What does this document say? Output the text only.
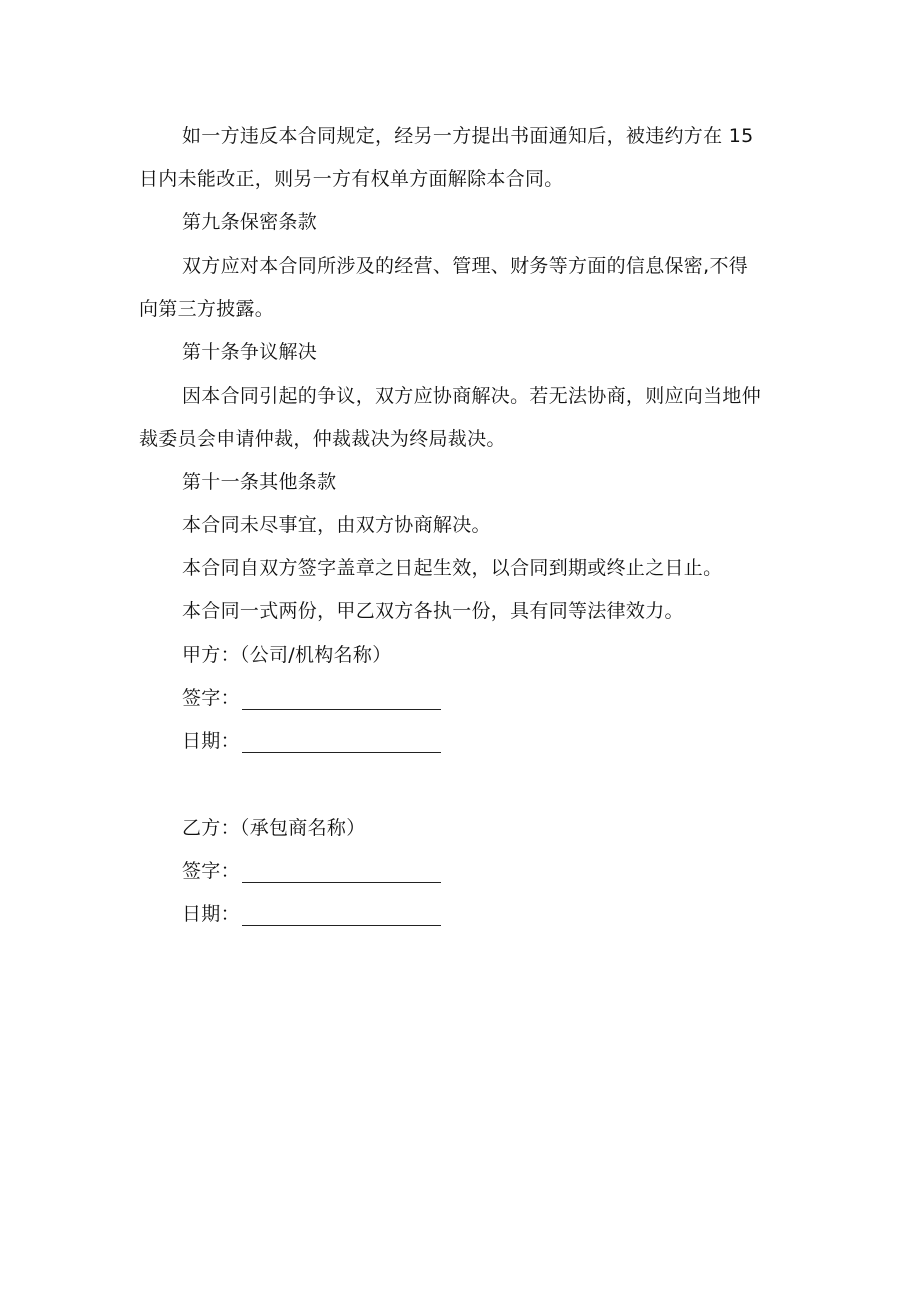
如一方违反本合同规定，经另一方提出书面通知后，被违约方在 15
日内未能改正，则另一方有权单方面解除本合同。
第九条保密条款
双方应对本合同所涉及的经营、管理、财务等方面的信息保密,不得
向第三方披露。
第十条争议解决
因本合同引起的争议，双方应协商解决。若无法协商，则应向当地仲
裁委员会申请仲裁，仲裁裁决为终局裁决。
第十一条其他条款
本合同未尽事宜，由双方协商解决。
本合同自双方签字盖章之日起生效，以合同到期或终止之日止。
本合同一式两份，甲乙双方各执一份，具有同等法律效力。
甲方：（公司/机构名称）
签字：
日期：
乙方：（承包商名称）
签字：
日期：
